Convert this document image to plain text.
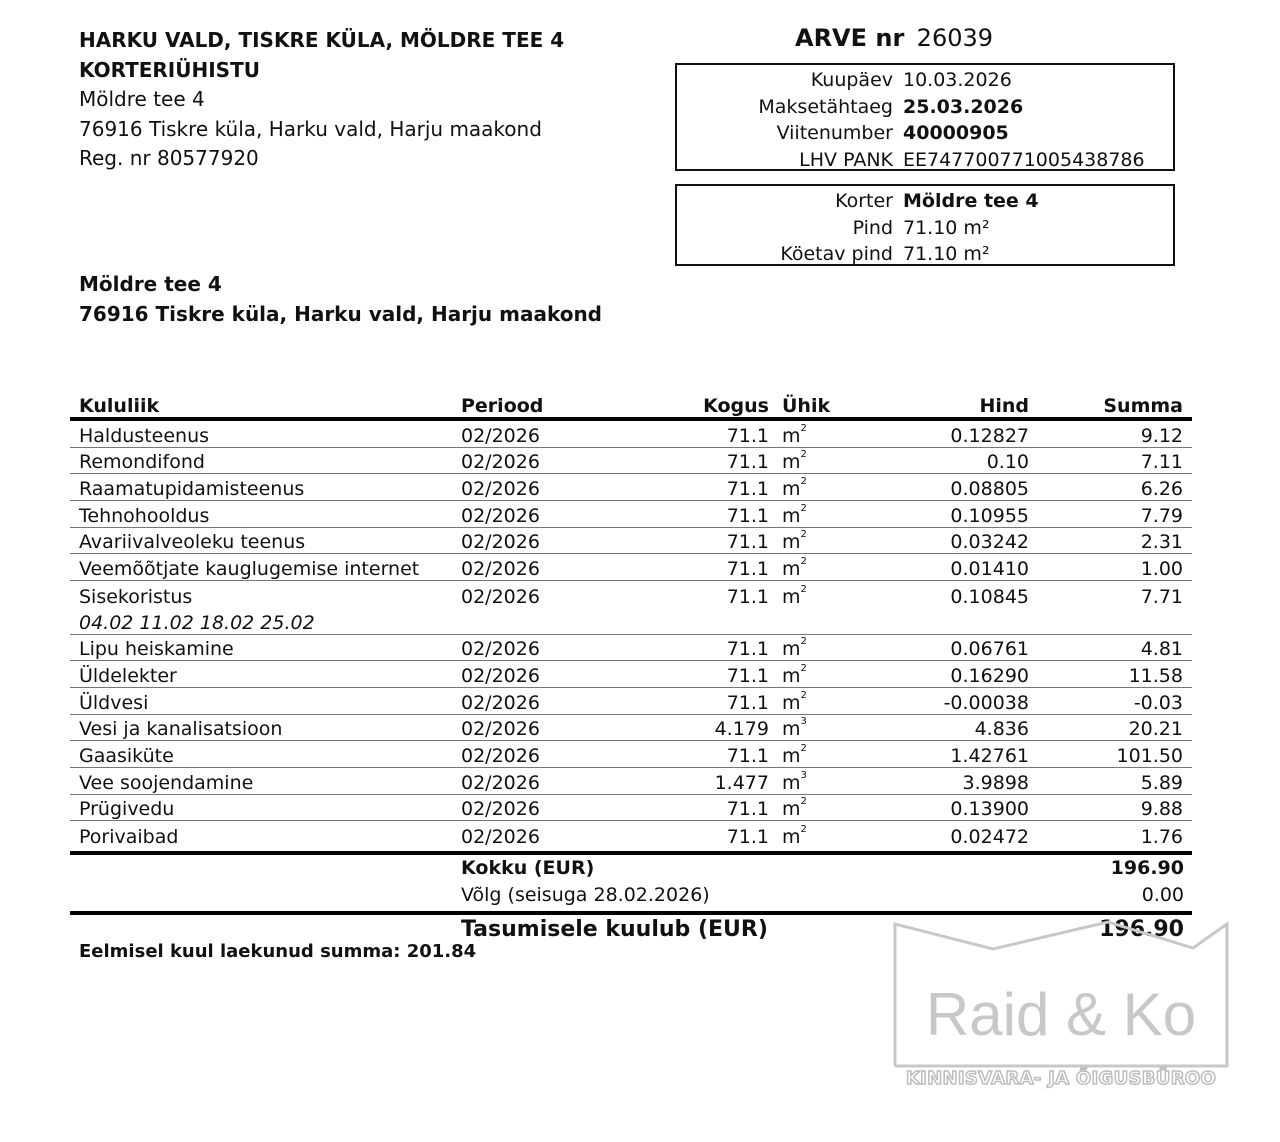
HARKU VALD, TISKRE KÜLA, MÖLDRE TEE 4
KORTERIÜHISTU
Möldre tee 4
76916 Tiskre küla, Harku vald, Harju maakond
Reg. nr 80577920
ARVE nr 26039
Kuupäev 10.03.2026
Maksetähtaeg 25.03.2026
Viitenumber 40000905
LHV PANK EE747700771005438786
Korter Möldre tee 4
Pind 71.10 m²
Köetav pind 71.10 m²
Möldre tee 4
76916 Tiskre küla, Harku vald, Harju maakond
Kululiik	Periood	Kogus Ühik	Hind	Summa
Haldusteenus	02/2026	71.1 $m^2$	0.12827	9.12
Remondifond	02/2026	71.1 $m^2$	0.10	7.11
Raamatupidamisteenus	02/2026	71.1 $m^2$	0.08805	6.26
Tehnohooldus	02/2026	71.1 $m^2$	0.10955	7.79
Avariivalveoleku teenus	02/2026	71.1 $m^2$	0.03242	2.31
Veemõõtjate kauglugemise internet	02/2026	71.1 $m^2$	0.01410	1.00
Sisekoristus	02/2026	71.1 $m^2$	0.10845	7.71
04.02 11.02 18.02 25.02
Lipu heiskamine	02/2026	71.1 $m^2$	0.06761	4.81
Üldelekter	02/2026	71.1 $m^2$	0.16290	11.58
Üldvesi	02/2026	71.1 $m^2$	-0.00038	-0.03
Vesi ja kanalisatsioon	02/2026	4.179 $m^3$	4.836	20.21
Gaasiküte	02/2026	71.1 $m^2$	1.42761	101.50
Vee soojendamine	02/2026	1.477 $m^3$	3.9898	5.89
Prügivedu	02/2026	71.1 $m^2$	0.13900	9.88
Porivaibad	02/2026	71.1 $m^2$	0.02472	1.76
Kokku (EUR)	196.90
Võlg (seisuga 28.02.2026)	0.00
Tasumisele kuulub (EUR)	196.90
Eelmisel kuul laekunud summa: 201.84
Raid & Ko
KINNISVARA- JA ÕIGUSBÜROO
